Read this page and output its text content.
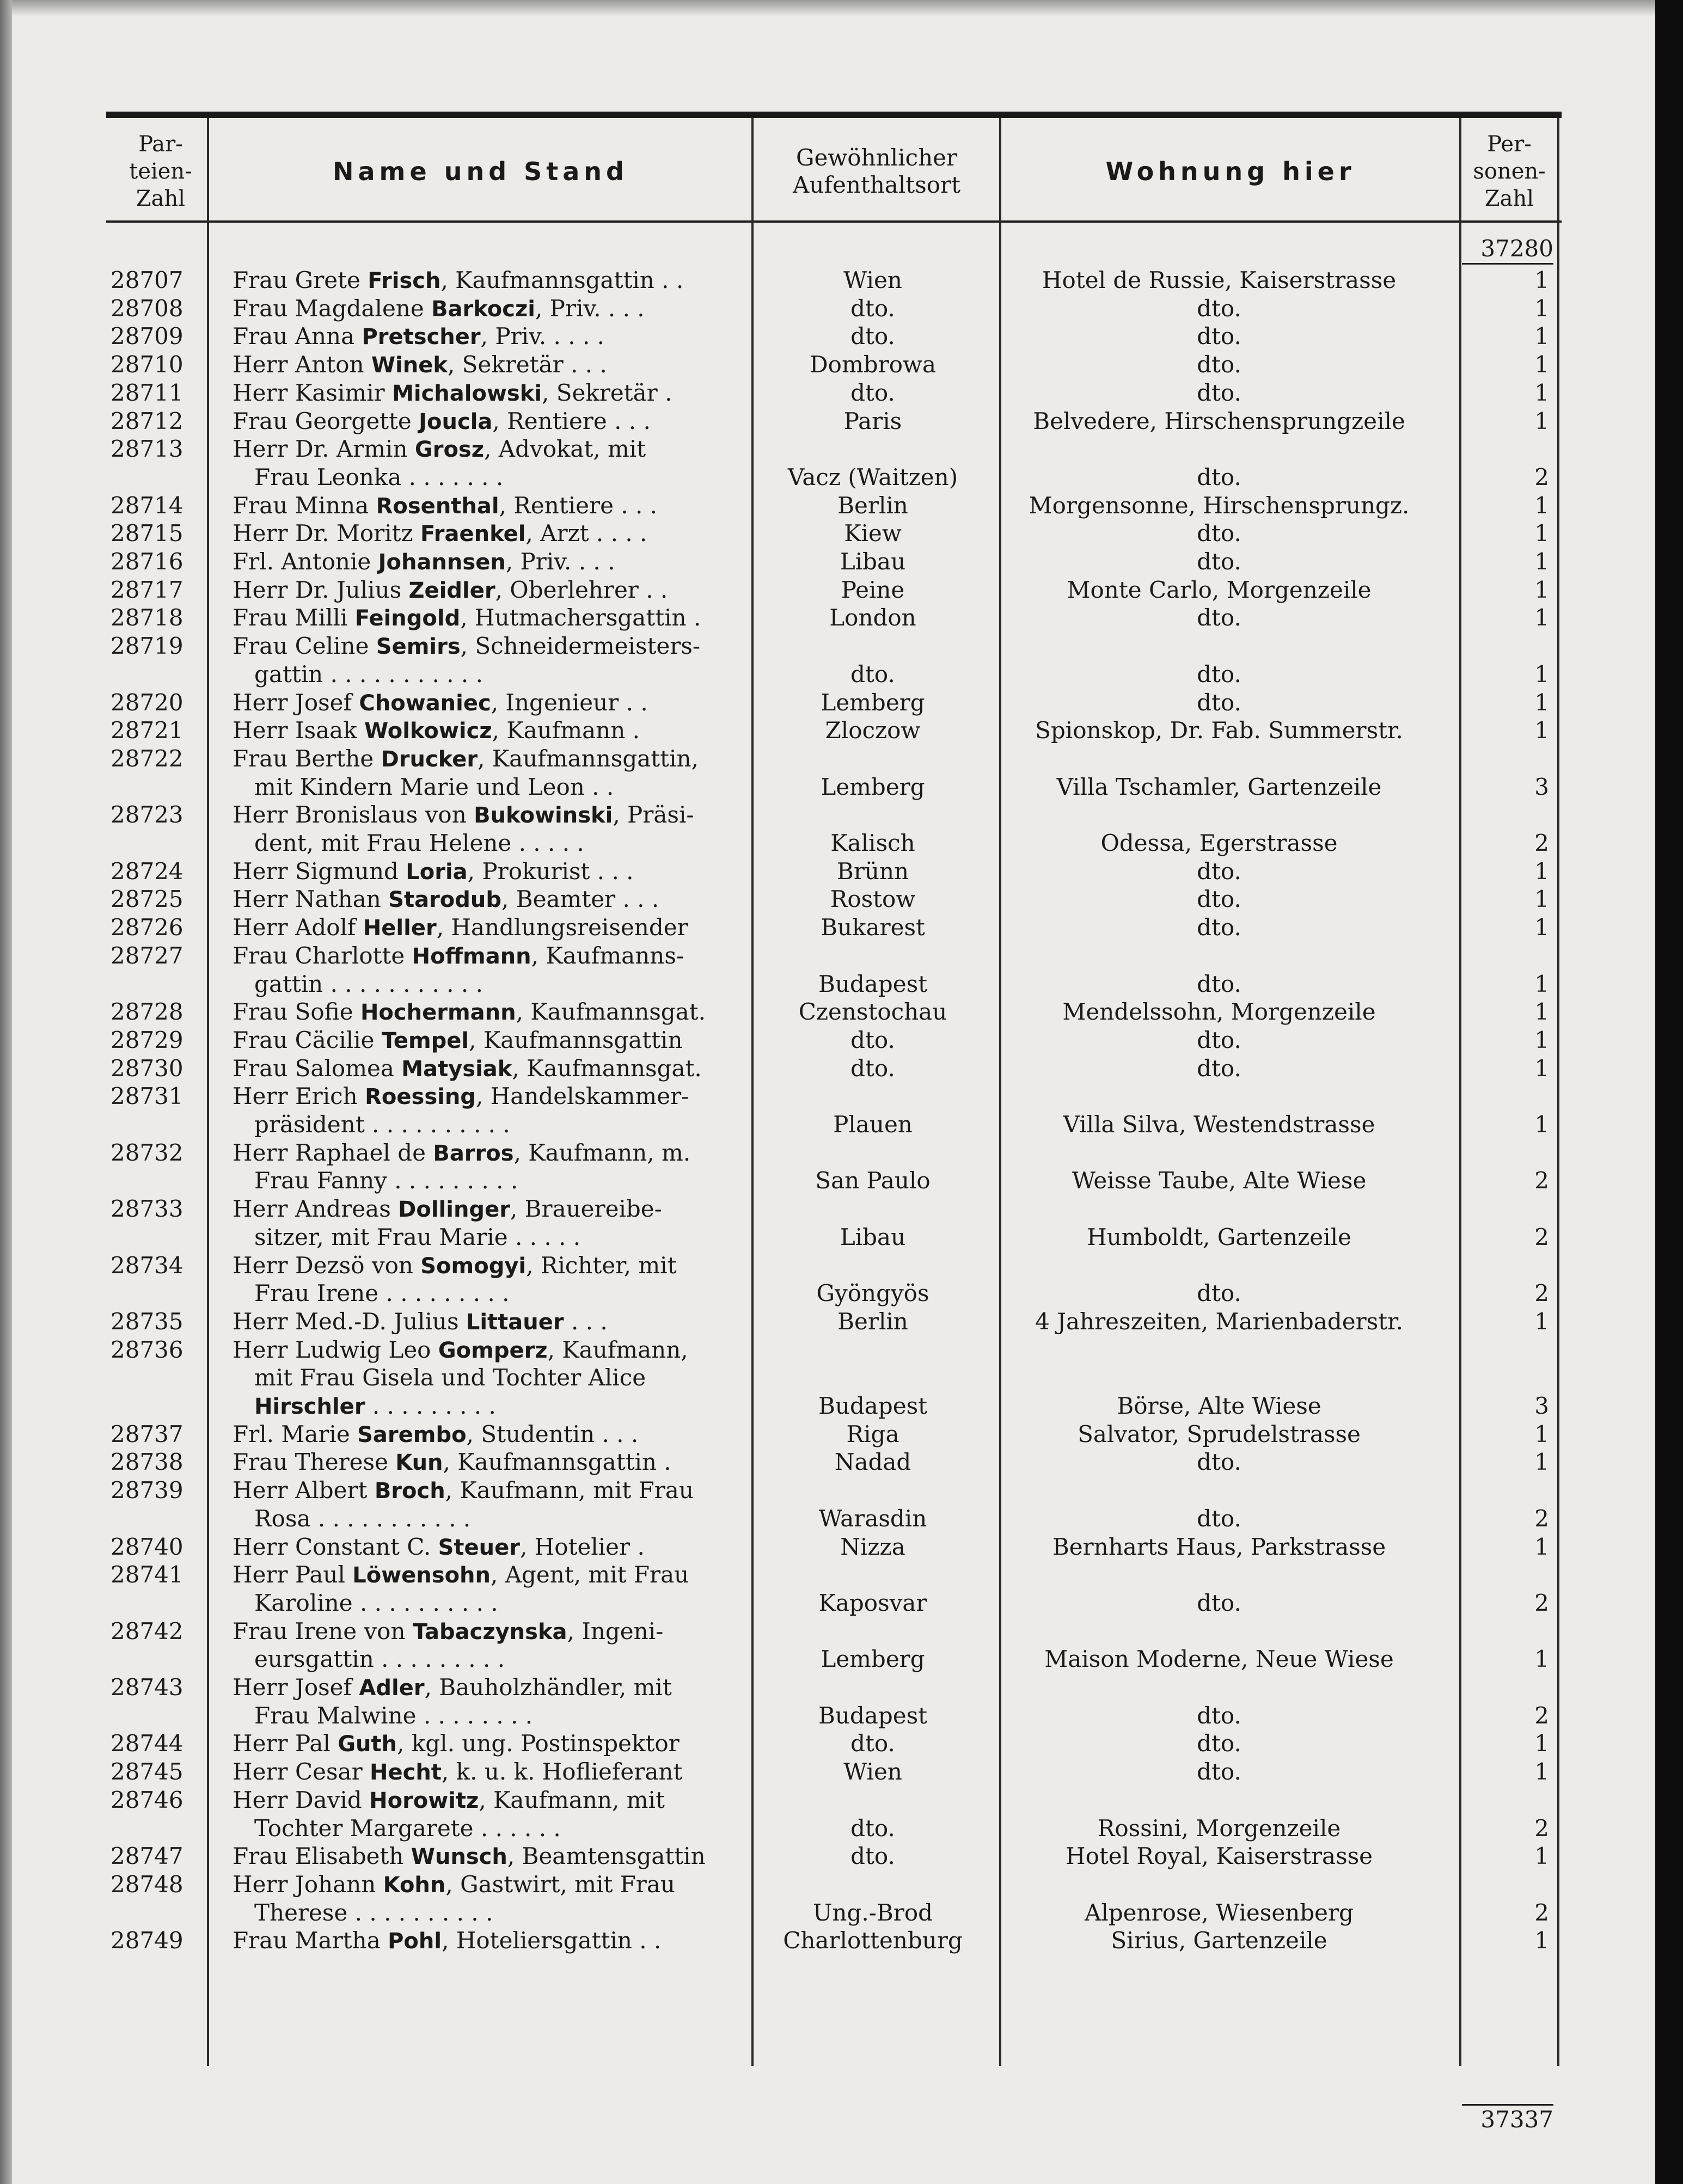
Par-teien-Zahl
Name und Stand	Gewöhnlicher Aufenthaltsort	Wohnung hier
Per-sonen-Zahl
37280
28707	Frau Grete Frisch, Kaufmannsgattin . .	Wien	Hotel de Russie, Kaiserstrasse	1
28708	Frau Magdalene Barkoczi, Priv. . . .	dto.	dto.	1
28709	Frau Anna Pretscher, Priv. . . . .	dto.	dto.	1
28710	Herr Anton Winek, Sekretär . . .	Dombrowa	dto.	1
28711	Herr Kasimir Michalowski, Sekretär .	dto.	dto.	1
28712	Frau Georgette Joucla, Rentiere . . .	Paris	Belvedere, Hirschensprungzeile	1
28713	Herr Dr. Armin Grosz, Advokat, mit
Frau Leonka . . . . . . .	Vacz (Waitzen)	dto.	2
28714	Frau Minna Rosenthal, Rentiere . . .	Berlin	Morgensonne, Hirschensprungz.	1
28715	Herr Dr. Moritz Fraenkel, Arzt . . . .	Kiew	dto.	1
28716	Frl. Antonie Johannsen, Priv. . . .	Libau	dto.	1
28717	Herr Dr. Julius Zeidler, Oberlehrer . .	Peine	Monte Carlo, Morgenzeile	1
28718	Frau Milli Feingold, Hutmachersgattin .	London	dto.	1
28719	Frau Celine Semirs, Schneidermeisters-
gattin . . . . . . . . . . .	dto.	dto.	1
28720	Herr Josef Chowaniec, Ingenieur . .	Lemberg	dto.	1
28721	Herr Isaak Wolkowicz, Kaufmann .	Zloczow	Spionskop, Dr. Fab. Summerstr.	1
28722	Frau Berthe Drucker, Kaufmannsgattin,
mit Kindern Marie und Leon . .	Lemberg	Villa Tschamler, Gartenzeile	3
28723	Herr Bronislaus von Bukowinski, Präsi-
dent, mit Frau Helene . . . . .	Kalisch	Odessa, Egerstrasse	2
28724	Herr Sigmund Loria, Prokurist . . .	Brünn	dto.	1
28725	Herr Nathan Starodub, Beamter . . .	Rostow	dto.	1
28726	Herr Adolf Heller, Handlungsreisender	Bukarest	dto.	1
28727	Frau Charlotte Hoffmann, Kaufmanns-
gattin . . . . . . . . . . .	Budapest	dto.	1
28728	Frau Sofie Hochermann, Kaufmannsgat.	Czenstochau	Mendelssohn, Morgenzeile	1
28729	Frau Cäcilie Tempel, Kaufmannsgattin	dto.	dto.	1
28730	Frau Salomea Matysiak, Kaufmannsgat.	dto.	dto.	1
28731	Herr Erich Roessing, Handelskammer-
präsident . . . . . . . . . .	Plauen	Villa Silva, Westendstrasse	1
28732	Herr Raphael de Barros, Kaufmann, m.
Frau Fanny . . . . . . . . .	San Paulo	Weisse Taube, Alte Wiese	2
28733	Herr Andreas Dollinger, Brauereibe-
sitzer, mit Frau Marie . . . . .	Libau	Humboldt, Gartenzeile	2
28734	Herr Dezsö von Somogyi, Richter, mit
Frau Irene . . . . . . . . .	Gyöngyös	dto.	2
28735	Herr Med.-D. Julius Littauer . . .	Berlin	4 Jahreszeiten, Marienbaderstr.	1
28736	Herr Ludwig Leo Gomperz, Kaufmann,
mit Frau Gisela und Tochter Alice
Hirschler . . . . . . . . .	Budapest	Börse, Alte Wiese	3
28737	Frl. Marie Sarembo, Studentin . . .	Riga	Salvator, Sprudelstrasse	1
28738	Frau Therese Kun, Kaufmannsgattin .	Nadad	dto.	1
28739	Herr Albert Broch, Kaufmann, mit Frau
Rosa . . . . . . . . . . .	Warasdin	dto.	2
28740	Herr Constant C. Steuer, Hotelier .	Nizza	Bernharts Haus, Parkstrasse	1
28741	Herr Paul Löwensohn, Agent, mit Frau
Karoline . . . . . . . . . .	Kaposvar	dto.	2
28742	Frau Irene von Tabaczynska, Ingeni-
eursgattin . . . . . . . . .	Lemberg	Maison Moderne, Neue Wiese	1
28743	Herr Josef Adler, Bauholzhändler, mit
Frau Malwine . . . . . . . .	Budapest	dto.	2
28744	Herr Pal Guth, kgl. ung. Postinspektor	dto.	dto.	1
28745	Herr Cesar Hecht, k. u. k. Hoflieferant	Wien	dto.	1
28746	Herr David Horowitz, Kaufmann, mit
Tochter Margarete . . . . . .	dto.	Rossini, Morgenzeile	2
28747	Frau Elisabeth Wunsch, Beamtensgattin	dto.	Hotel Royal, Kaiserstrasse	1
28748	Herr Johann Kohn, Gastwirt, mit Frau
Therese . . . . . . . . . .	Ung.-Brod	Alpenrose, Wiesenberg	2
28749	Frau Martha Pohl, Hoteliersgattin . .	Charlottenburg	Sirius, Gartenzeile	1
37337
